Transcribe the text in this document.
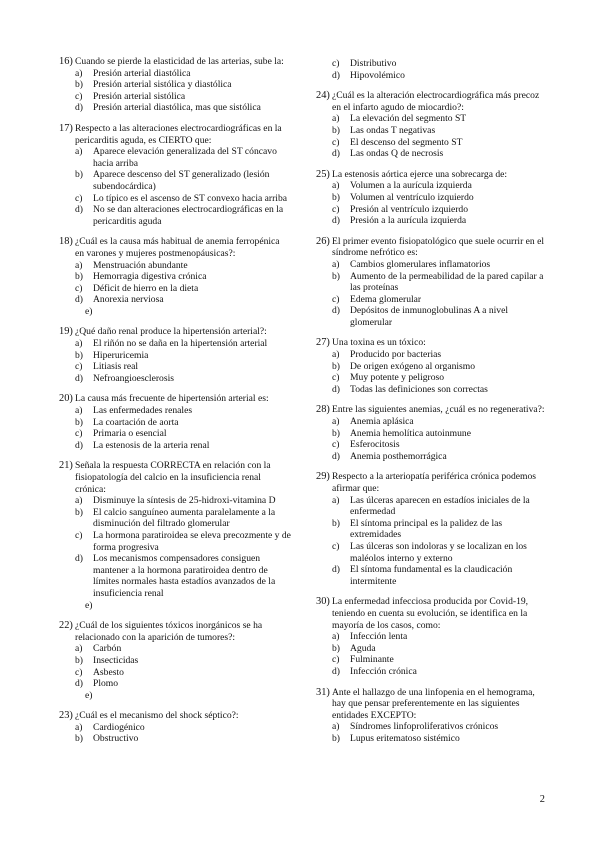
16) Cuando se pierde la elasticidad de las arterias, sube la:
a) Presión arterial diastólica
b) Presión arterial sistólica y diastólica
c) Presión arterial sistólica
d) Presión arterial diastólica, mas que sistólica
17) Respecto a las alteraciones electrocardiográficas en la pericarditis aguda, es CIERTO que:
a) Aparece elevación generalizada del ST cóncavo hacia arriba
b) Aparece descenso del ST generalizado (lesión subendocárdica)
c) Lo típico es el ascenso de ST convexo hacia arriba
d) No se dan alteraciones electrocardiográficas en la pericarditis aguda
18) ¿Cuál es la causa más habitual de anemia ferropénica en varones y mujeres postmenopáusicas?:
a) Menstruación abundante
b) Hemorragia digestiva crónica
c) Déficit de hierro en la dieta
d) Anorexia nerviosa
e)
19) ¿Qué daño renal produce la hipertensión arterial?:
a) El riñón no se daña en la hipertensión arterial
b) Hiperuricemia
c) Litiasis real
d) Nefroangioesclerosis
20) La causa más frecuente de hipertensión arterial es:
a) Las enfermedades renales
b) La coartación de aorta
c) Primaria o esencial
d) La estenosis de la arteria renal
21) Señala la respuesta CORRECTA en relación con la fisiopatología del calcio en la insuficiencia renal crónica:
a) Disminuye la síntesis de 25-hidroxi-vitamina D
b) El calcio sanguíneo aumenta paralelamente a la disminución del filtrado glomerular
c) La hormona paratiroidea se eleva precozmente y de forma progresiva
d) Los mecanismos compensadores consiguen mantener a la hormona paratiroidea dentro de límites normales hasta estadíos avanzados de la insuficiencia renal
e)
22) ¿Cuál de los siguientes tóxicos inorgánicos se ha relacionado con la aparición de tumores?:
a) Carbón
b) Insecticidas
c) Asbesto
d) Plomo
e)
23) ¿Cuál es el mecanismo del shock séptico?:
a) Cardiogénico
b) Obstructivo
c) Distributivo
d) Hipovolémico
24) ¿Cuál es la alteración electrocardiográfica más precoz en el infarto agudo de miocardio?:
a) La elevación del segmento ST
b) Las ondas T negativas
c) El descenso del segmento ST
d) Las ondas Q de necrosis
25) La estenosis aórtica ejerce una sobrecarga de:
a) Volumen a la aurícula izquierda
b) Volumen al ventrículo izquierdo
c) Presión al ventrículo izquierdo
d) Presión a la aurícula izquierda
26) El primer evento fisiopatológico que suele ocurrir en el síndrome nefrótico es:
a) Cambios glomerulares inflamatorios
b) Aumento de la permeabilidad de la pared capilar a las proteínas
c) Edema glomerular
d) Depósitos de inmunoglobulinas A a nivel glomerular
27) Una toxina es un tóxico:
a) Producido por bacterias
b) De origen exógeno al organismo
c) Muy potente y peligroso
d) Todas las definiciones son correctas
28) Entre las siguientes anemias, ¿cuál es no regenerativa?:
a) Anemia aplásica
b) Anemia hemolítica autoinmune
c) Esferocitosis
d) Anemia posthemorrágica
29) Respecto a la arteriopatía periférica crónica podemos afirmar que:
a) Las úlceras aparecen en estadíos iniciales de la enfermedad
b) El síntoma principal es la palidez de las extremidades
c) Las úlceras son indoloras y se localizan en los maléolos interno y externo
d) El síntoma fundamental es la claudicación intermitente
30) La enfermedad infecciosa producida por Covid-19, teniendo en cuenta su evolución, se identifica en la mayoría de los casos, como:
a) Infección lenta
b) Aguda
c) Fulminante
d) Infección crónica
31) Ante el hallazgo de una linfopenia en el hemograma, hay que pensar preferentemente en las siguientes entidades EXCEPTO:
a) Síndromes linfoproliferativos crónicos
b) Lupus eritematoso sistémico
2
